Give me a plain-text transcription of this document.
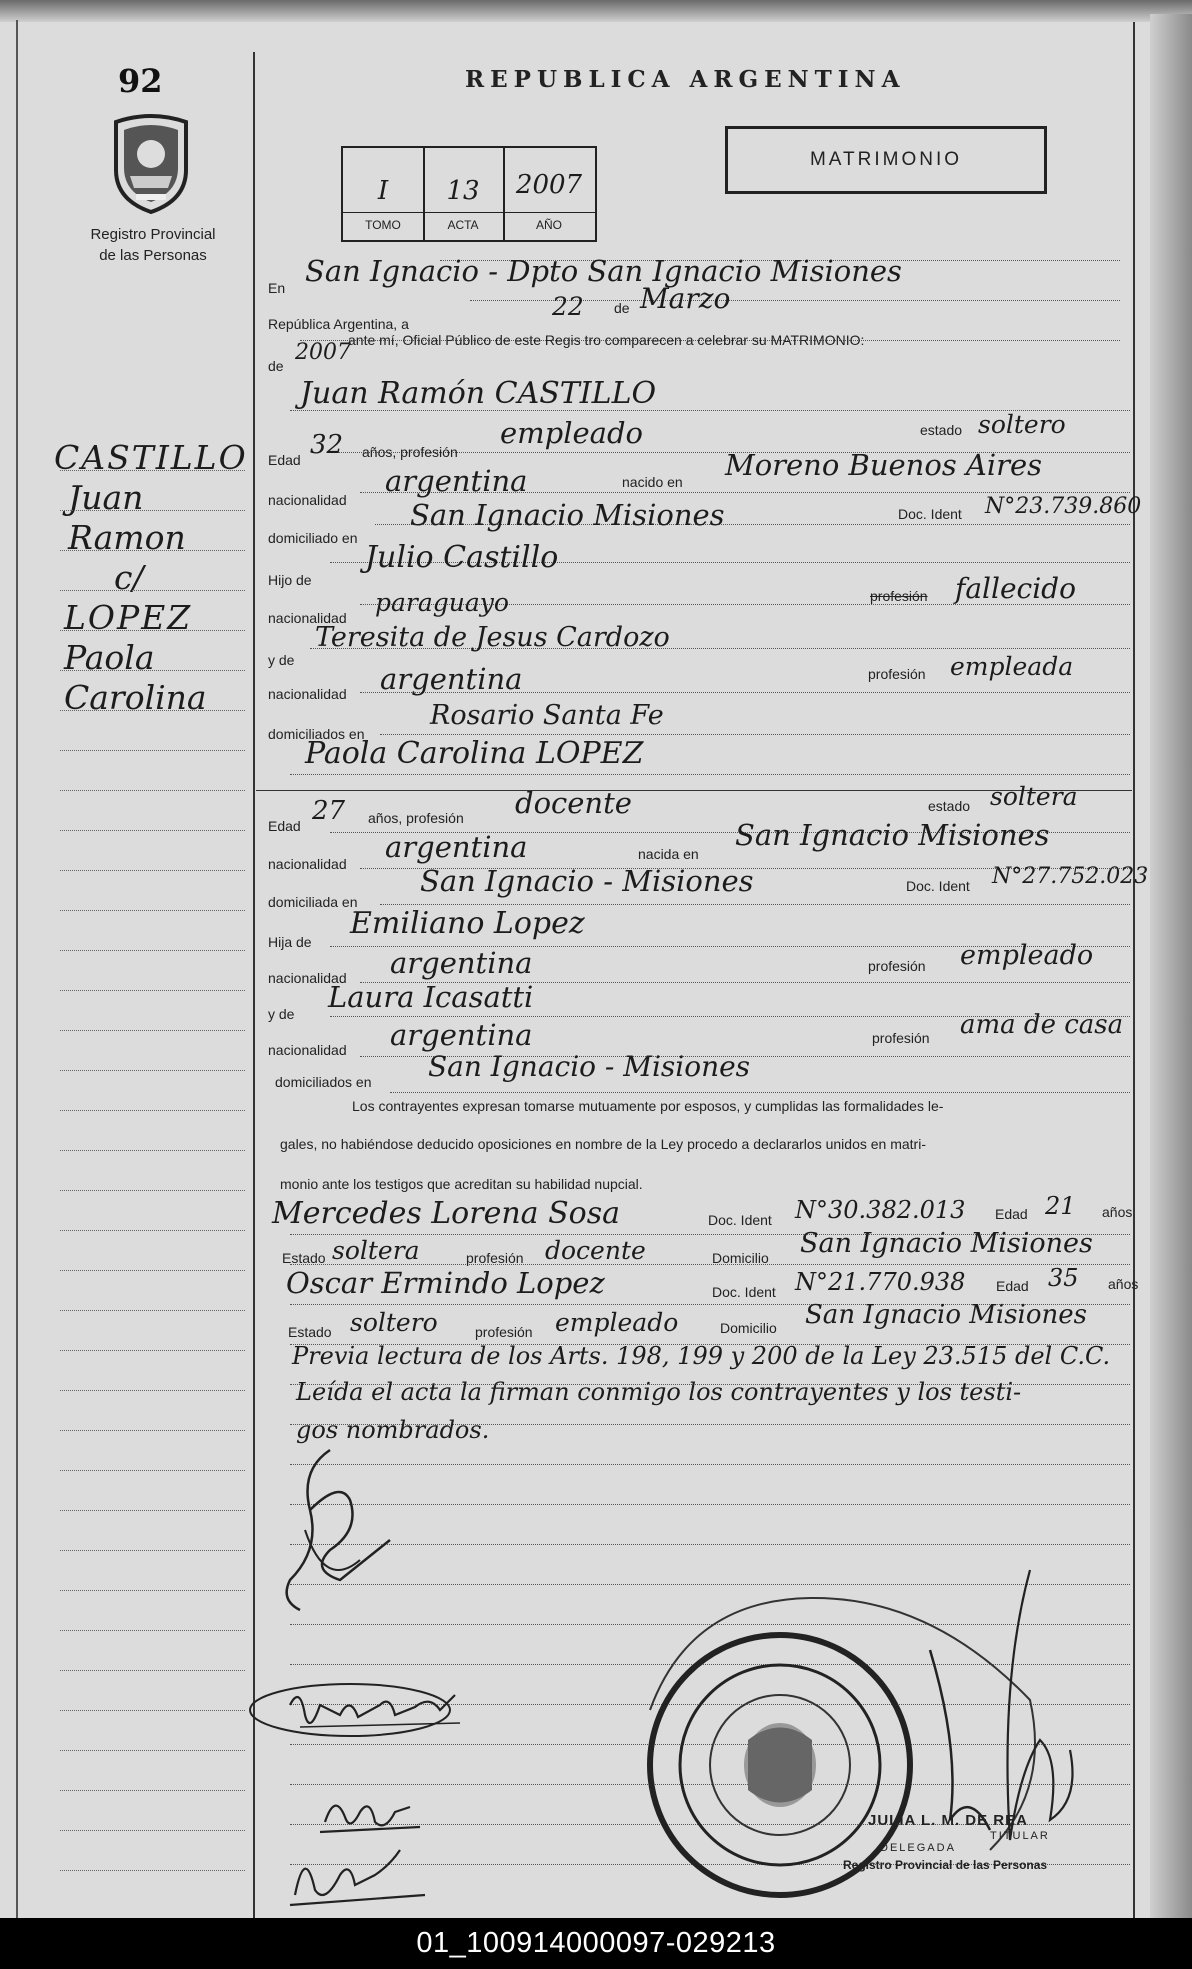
92
Registro Provincial
de las Personas
REPUBLICA ARGENTINA
I	13	2007
TOMO	ACTA	AÑO
MATRIMONIO
CASTILLO
Juan
Ramon
c/
LOPEZ
Paola
Carolina
En San Ignacio - Dpto San Ignacio Misiones
República Argentina, a
22 de Marzo
de
2007
ante mí, Oficial Público de este Regis tro comparecen a celebrar su MATRIMONIO:
Juan Ramón CASTILLO
Edad 32 años, profesión
empleado	estado soltero
nacionalidad
argentina	nacido en Moreno Buenos Aires
domiciliado en
San Ignacio Misiones	Doc. Ident N°23.739.860
Hijo de
Julio Castillo
nacionalidad
paraguayo	profesión fallecido
y de
Teresita de Jesus Cardozo
nacionalidad argentina	profesión empleada
domiciliados en
Rosario Santa Fe
Paola Carolina LOPEZ
Edad 27 años, profesión docente	estado soltera
nacionalidad argentina	nacida en
San Ignacio Misiones
domiciliada en
San Ignacio - Misiones	Doc. Ident N°27.752.023
Hija de
Emiliano Lopez
nacionalidad argentina	profesión empleado
y de Laura Icasatti
nacionalidad argentina	profesión ama de casa
domiciliados en San Ignacio - Misiones
Los contrayentes expresan tomarse mutuamente por esposos, y cumplidas las formalidades le-
gales, no habiéndose deducido oposiciones en nombre de la Ley procedo a declararlos unidos en matri-
monio ante los testigos que acreditan su habilidad nupcial.
Mercedes Lorena Sosa	Doc. Ident N°30.382.013 Edad 21 años
Estado soltera	profesión docente	Domicilio San Ignacio Misiones
Oscar Ermindo Lopez	Doc. Ident N°21.770.938 Edad 35 años
Estado soltero	profesión empleado	Domicilio San Ignacio Misiones
Previa lectura de los Arts. 198, 199 y 200 de la Ley 23.515 del C.C.
Leída el acta la firman conmigo los contrayentes y los testi-
gos nombrados.
JULIA L. M. DE REA
DELEGADA
TITULAR
Registro Provincial de las Personas
01_100914000097-029213
